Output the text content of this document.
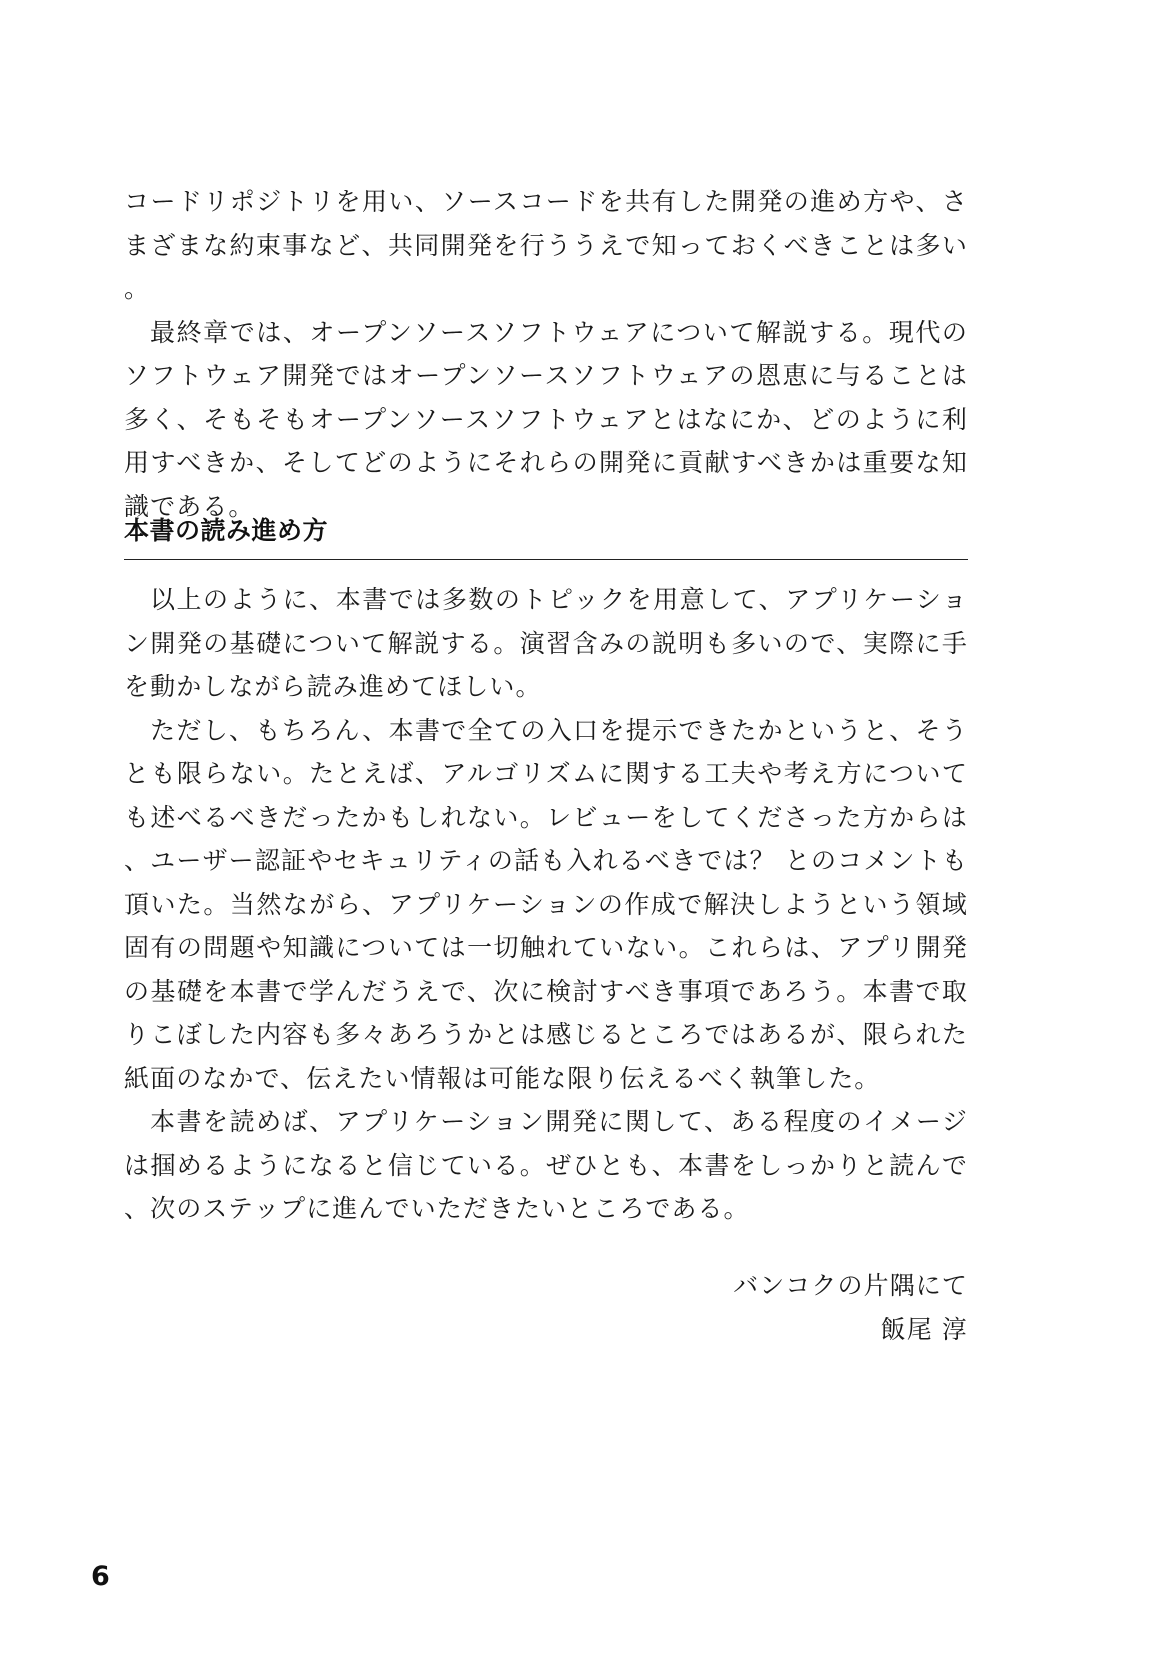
コードリポジトリを用い、ソースコードを共有した開発の進め方や、さまざまな約束事など、共同開発を行ううえで知っておくべきことは多い。

最終章では、オープンソースソフトウェアについて解説する。現代のソフトウェア開発ではオープンソースソフトウェアの恩恵に与ることは多く、そもそもオープンソースソフトウェアとはなにか、どのように利用すべきか、そしてどのようにそれらの開発に貢献すべきかは重要な知識である。

本書の読み進め方

以上のように、本書では多数のトピックを用意して、アプリケーション開発の基礎について解説する。演習含みの説明も多いので、実際に手を動かしながら読み進めてほしい。

ただし、もちろん、本書で全ての入口を提示できたかというと、そうとも限らない。たとえば、アルゴリズムに関する工夫や考え方についても述べるべきだったかもしれない。レビューをしてくださった方からは、ユーザー認証やセキュリティの話も入れるべきでは？ とのコメントも頂いた。当然ながら、アプリケーションの作成で解決しようという領域固有の問題や知識については一切触れていない。これらは、アプリ開発の基礎を本書で学んだうえで、次に検討すべき事項であろう。本書で取りこぼした内容も多々あろうかとは感じるところではあるが、限られた紙面のなかで、伝えたい情報は可能な限り伝えるべく執筆した。

本書を読めば、アプリケーション開発に関して、ある程度のイメージは掴めるようになると信じている。ぜひとも、本書をしっかりと読んで、次のステップに進んでいただきたいところである。

バンコクの片隅にて
飯尾 淳
6
